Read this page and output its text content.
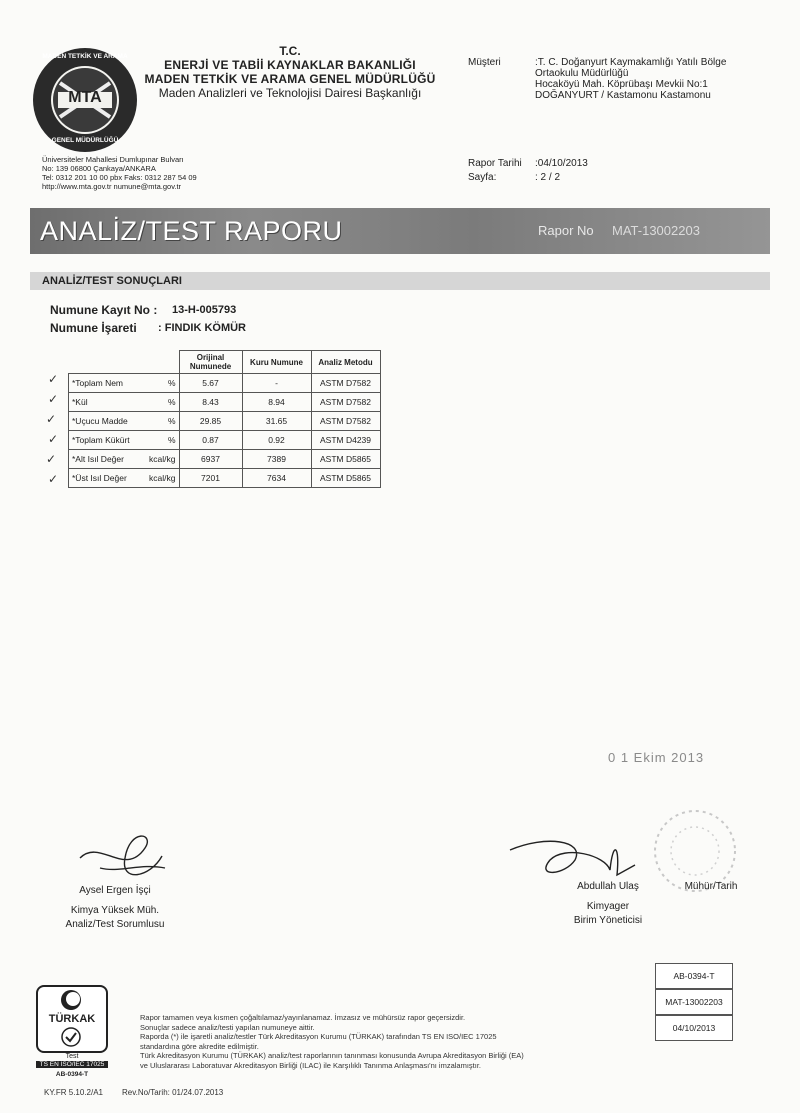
MTA
MADEN TETKİK VE ARAMA
GENEL MÜDÜRLÜĞÜ
T.C.
ENERJİ VE TABİİ KAYNAKLAR BAKANLIĞI
MADEN TETKİK VE ARAMA GENEL MÜDÜRLÜĞÜ
Maden Analizleri ve Teknolojisi Dairesi Başkanlığı
Üniversiteler Mahallesi Dumlupınar Bulvarı
No: 139 06800 Çankaya/ANKARA
Tel: 0312 201 10 00 pbx Faks: 0312 287 54 09
http://www.mta.gov.tr numune@mta.gov.tr
Müşteri	:T. C. Doğanyurt Kaymakamlığı Yatılı Bölge
Ortaokulu Müdürlüğü
Hocaköyü Mah. Köprübaşı Mevkii No:1
DOĞANYURT / Kastamonu Kastamonu
Rapor Tarihi :04/10/2013
Sayfa:	: 2 / 2
ANALİZ/TEST RAPORU	Rapor No MAT-13002203
ANALİZ/TEST SONUÇLARI
Numune Kayıt No : 13-H-005793
Numune İşareti : FINDIK KÖMÜR
	Orijinal Numunede	Kuru Numune	Analiz Metodu
*Toplam Nem %	5.67	-	ASTM D7582
*Kül %	8.43	8.94	ASTM D7582
*Uçucu Madde %	29.85	31.65	ASTM D7582
*Toplam Kükürt %	0.87	0.92	ASTM D4239
*Alt Isıl Değer kcal/kg	6937	7389	ASTM D5865
*Üst Isıl Değer kcal/kg	7201	7634	ASTM D5865
✓
✓
✓
✓
✓
✓
0 1 Ekim 2013
Aysel Ergen İşçi
Kimya Yüksek Müh.
Analiz/Test Sorumlusu
Abdullah Ulaş	Mühür/Tarih
Kimyager
Birim Yöneticisi
AB-0394-T
MAT-13002203
04/10/2013
TÜRKAK
Test
TS EN ISO/IEC 17025
AB-0394-T
Rapor tamamen veya kısmen çoğaltılamaz/yayınlanamaz. İmzasız ve mühürsüz rapor geçersizdir.
Sonuçlar sadece analiz/testi yapılan numuneye aittir.
Raporda (*) ile işaretli analiz/testler Türk Akreditasyon Kurumu (TÜRKAK) tarafından TS EN ISO/IEC 17025
standardına göre akredite edilmiştir.
Türk Akreditasyon Kurumu (TÜRKAK) analiz/test raporlarının tanınması konusunda Avrupa Akreditasyon Birliği (EA)
ve Uluslararası Laboratuvar Akreditasyon Birliği (ILAC) ile Karşılıklı Tanınma Anlaşması'nı imzalamıştır.
KY.FR 5.10.2/A1 Rev.No/Tarih: 01/24.07.2013
